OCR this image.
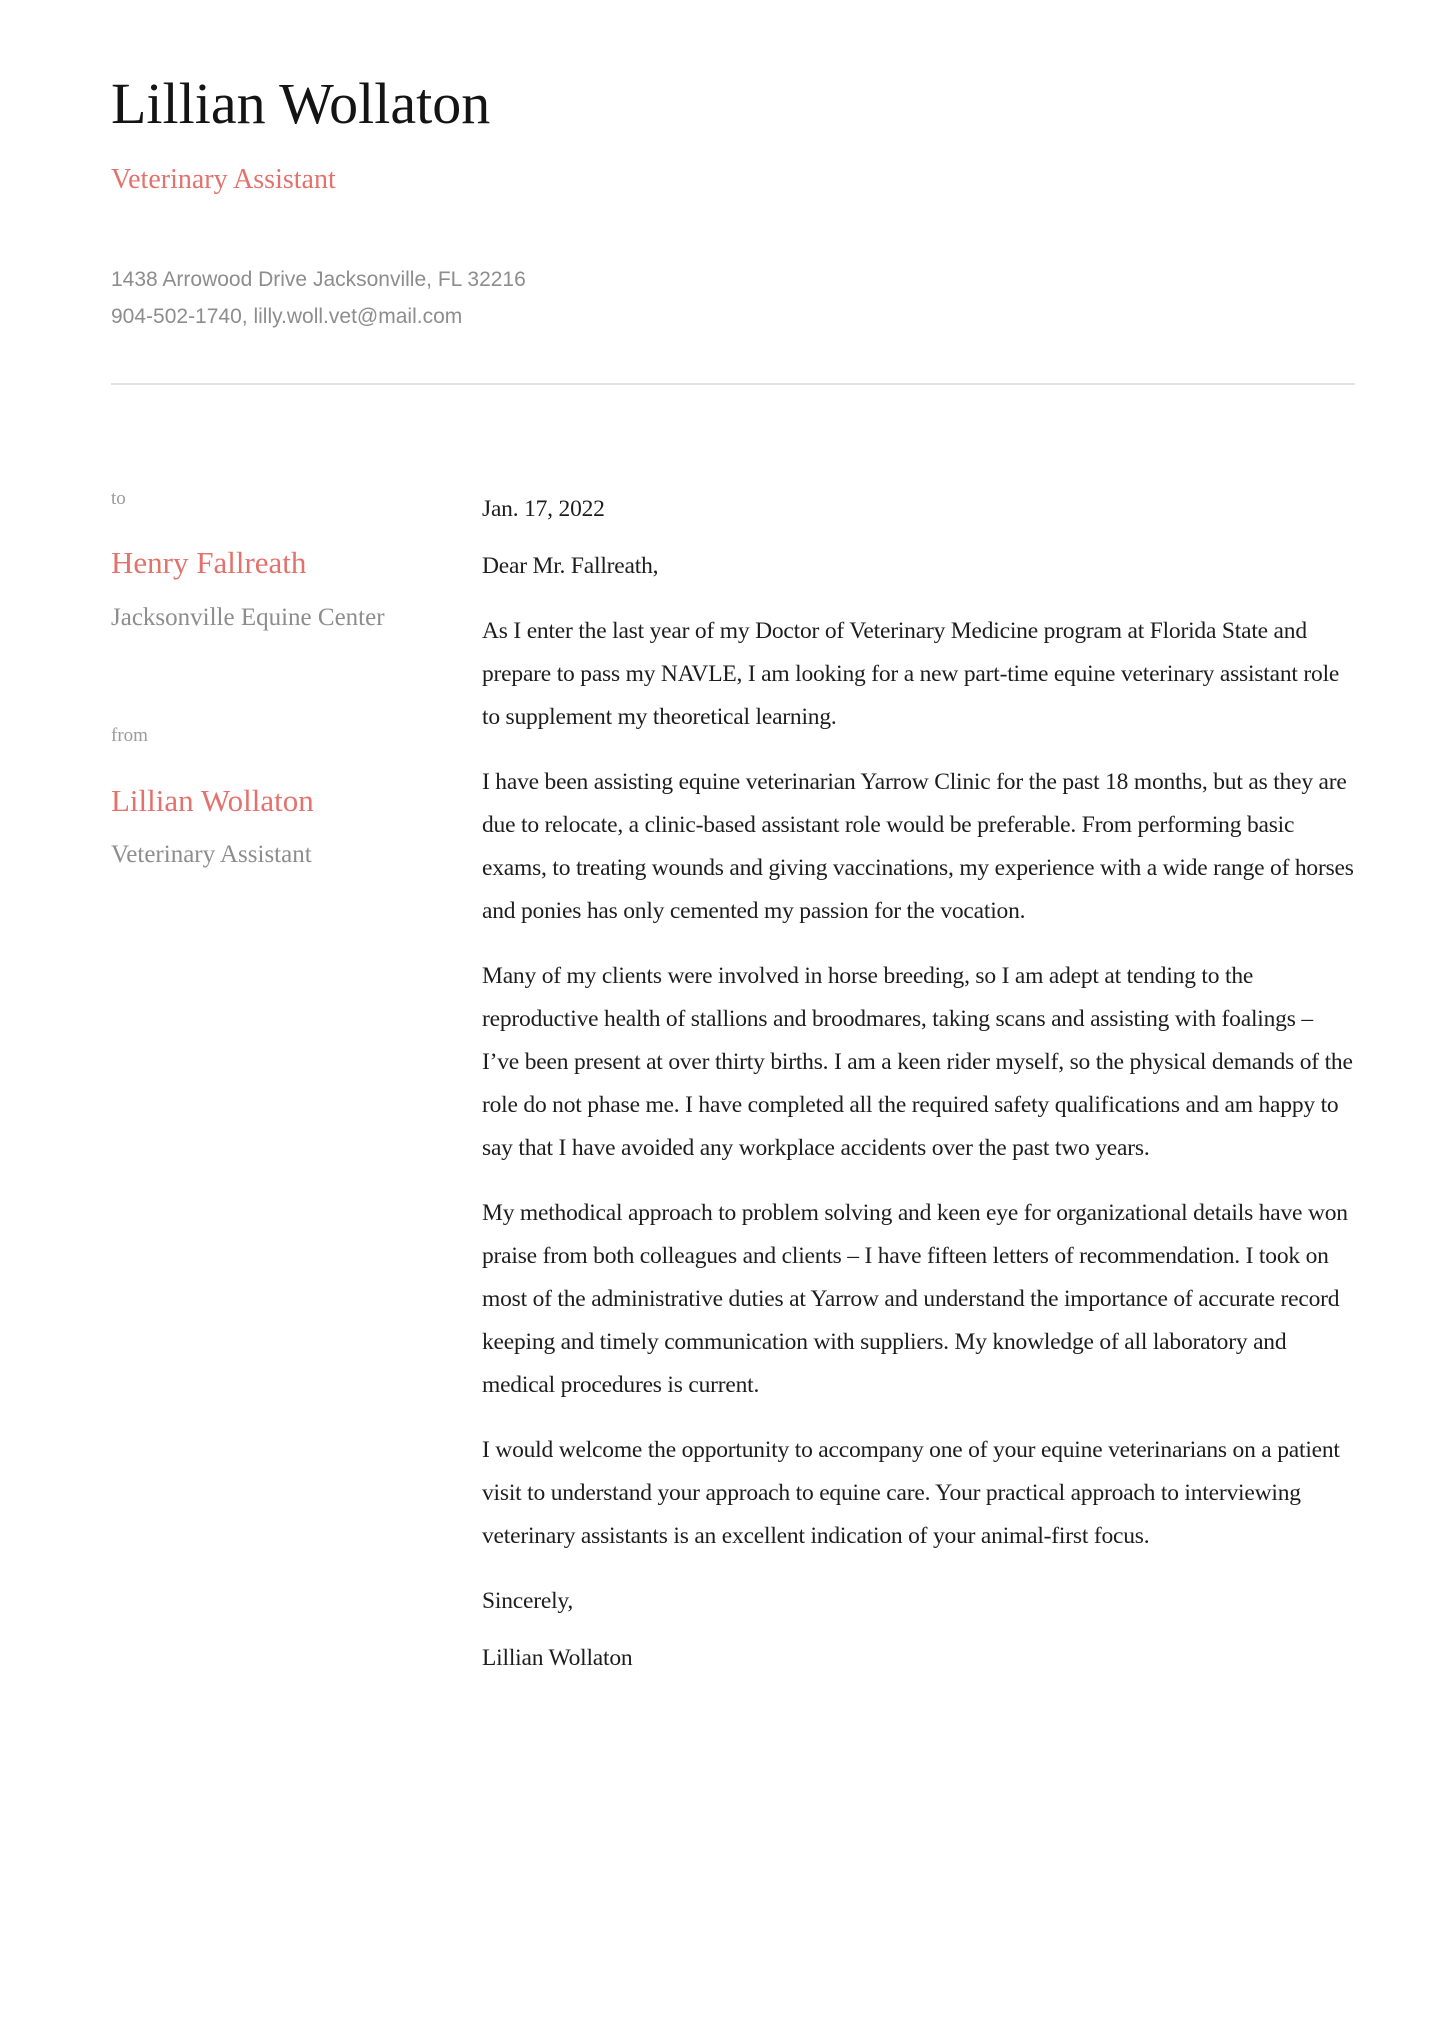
Lillian Wollaton
Veterinary Assistant
1438 Arrowood Drive Jacksonville, FL 32216
904-502-1740, lilly.woll.vet@mail.com
to
Henry Fallreath
Jacksonville Equine Center
from
Lillian Wollaton
Veterinary Assistant

Jan. 17, 2022

Dear Mr. Fallreath,

As I enter the last year of my Doctor of Veterinary Medicine program at Florida State and prepare to pass my NAVLE, I am looking for a new part-time equine veterinary assistant role to supplement my theoretical learning.

I have been assisting equine veterinarian Yarrow Clinic for the past 18 months, but as they are due to relocate, a clinic-based assistant role would be preferable. From performing basic exams, to treating wounds and giving vaccinations, my experience with a wide range of horses and ponies has only cemented my passion for the vocation.

Many of my clients were involved in horse breeding, so I am adept at tending to the reproductive health of stallions and broodmares, taking scans and assisting with foalings – I’ve been present at over thirty births. I am a keen rider myself, so the physical demands of the role do not phase me. I have completed all the required safety qualifications and am happy to say that I have avoided any workplace accidents over the past two years.

My methodical approach to problem solving and keen eye for organizational details have won praise from both colleagues and clients – I have fifteen letters of recommendation. I took on most of the administrative duties at Yarrow and understand the importance of accurate record keeping and timely communication with suppliers. My knowledge of all laboratory and medical procedures is current.

I would welcome the opportunity to accompany one of your equine veterinarians on a patient visit to understand your approach to equine care. Your practical approach to interviewing veterinary assistants is an excellent indication of your animal-first focus.

Sincerely,

Lillian Wollaton
